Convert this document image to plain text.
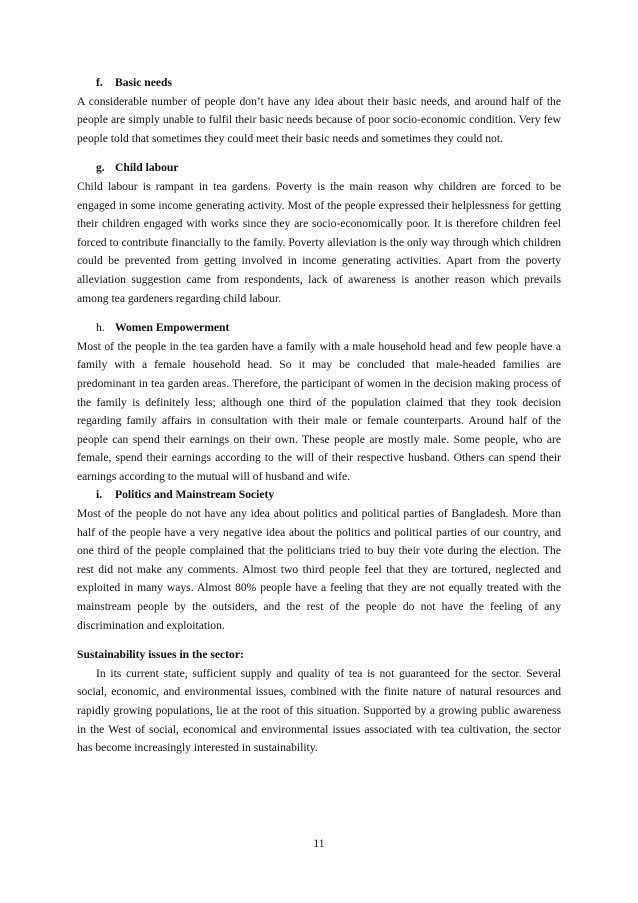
f. Basic needs

A considerable number of people don’t have any idea about their basic needs, and around half of the people are simply unable to fulfil their basic needs because of poor socio-economic condition. Very few people told that sometimes they could meet their basic needs and sometimes they could not.

g. Child labour

Child labour is rampant in tea gardens. Poverty is the main reason why children are forced to be engaged in some income generating activity. Most of the people expressed their helplessness for getting their children engaged with works since they are socio-economically poor. It is therefore children feel forced to contribute financially to the family. Poverty alleviation is the only way through which children could be prevented from getting involved in income generating activities. Apart from the poverty alleviation suggestion came from respondents, lack of awareness is another reason which prevails among tea gardeners regarding child labour.

h. Women Empowerment

Most of the people in the tea garden have a family with a male household head and few people have a family with a female household head. So it may be concluded that male-headed families are predominant in tea garden areas. Therefore, the participant of women in the decision making process of the family is definitely less; although one third of the population claimed that they took decision regarding family affairs in consultation with their male or female counterparts. Around half of the people can spend their earnings on their own. These people are mostly male. Some people, who are female, spend their earnings according to the will of their respective husband. Others can spend their earnings according to the mutual will of husband and wife.

i. Politics and Mainstream Society

Most of the people do not have any idea about politics and political parties of Bangladesh. More than half of the people have a very negative idea about the politics and political parties of our country, and one third of the people complained that the politicians tried to buy their vote during the election. The rest did not make any comments. Almost two third people feel that they are tortured, neglected and exploited in many ways. Almost 80% people have a feeling that they are not equally treated with the mainstream people by the outsiders, and the rest of the people do not have the feeling of any discrimination and exploitation.

Sustainability issues in the sector:

In its current state, sufficient supply and quality of tea is not guaranteed for the sector. Several social, economic, and environmental issues, combined with the finite nature of natural resources and rapidly growing populations, lie at the root of this situation. Supported by a growing public awareness in the West of social, economical and environmental issues associated with tea cultivation, the sector has become increasingly interested in sustainability.

11
